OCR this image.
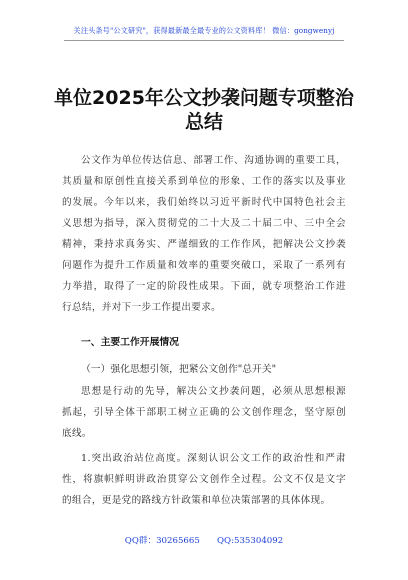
关注头条号"公文研究"，获得最新最全最专业的公文资料库！ 微信：gongwenyj
单位2025年公文抄袭问题专项整治
总结
公文作为单位传达信息、部署工作、沟通协调的重要工具，
其质量和原创性直接关系到单位的形象、工作的落实以及事业
的发展。今年以来，我们始终以习近平新时代中国特色社会主
义思想为指导，深入贯彻党的二十大及二十届二中、三中全会
精神，秉持求真务实、严谨细致的工作作风，把解决公文抄袭
问题作为提升工作质量和效率的重要突破口，采取了一系列有
力举措，取得了一定的阶段性成果。下面，就专项整治工作进
行总结，并对下一步工作提出要求。
一、主要工作开展情况
（一）强化思想引领，把紧公文创作"总开关"
思想是行动的先导，解决公文抄袭问题，必须从思想根源
抓起，引导全体干部职工树立正确的公文创作理念，坚守原创
底线。
1.突出政治站位高度。深刻认识公文工作的政治性和严肃
性，将旗帜鲜明讲政治贯穿公文创作全过程。公文不仅是文字
的组合，更是党的路线方针政策和单位决策部署的具体体现。
QQ群：30265665　　QQ:535304092
